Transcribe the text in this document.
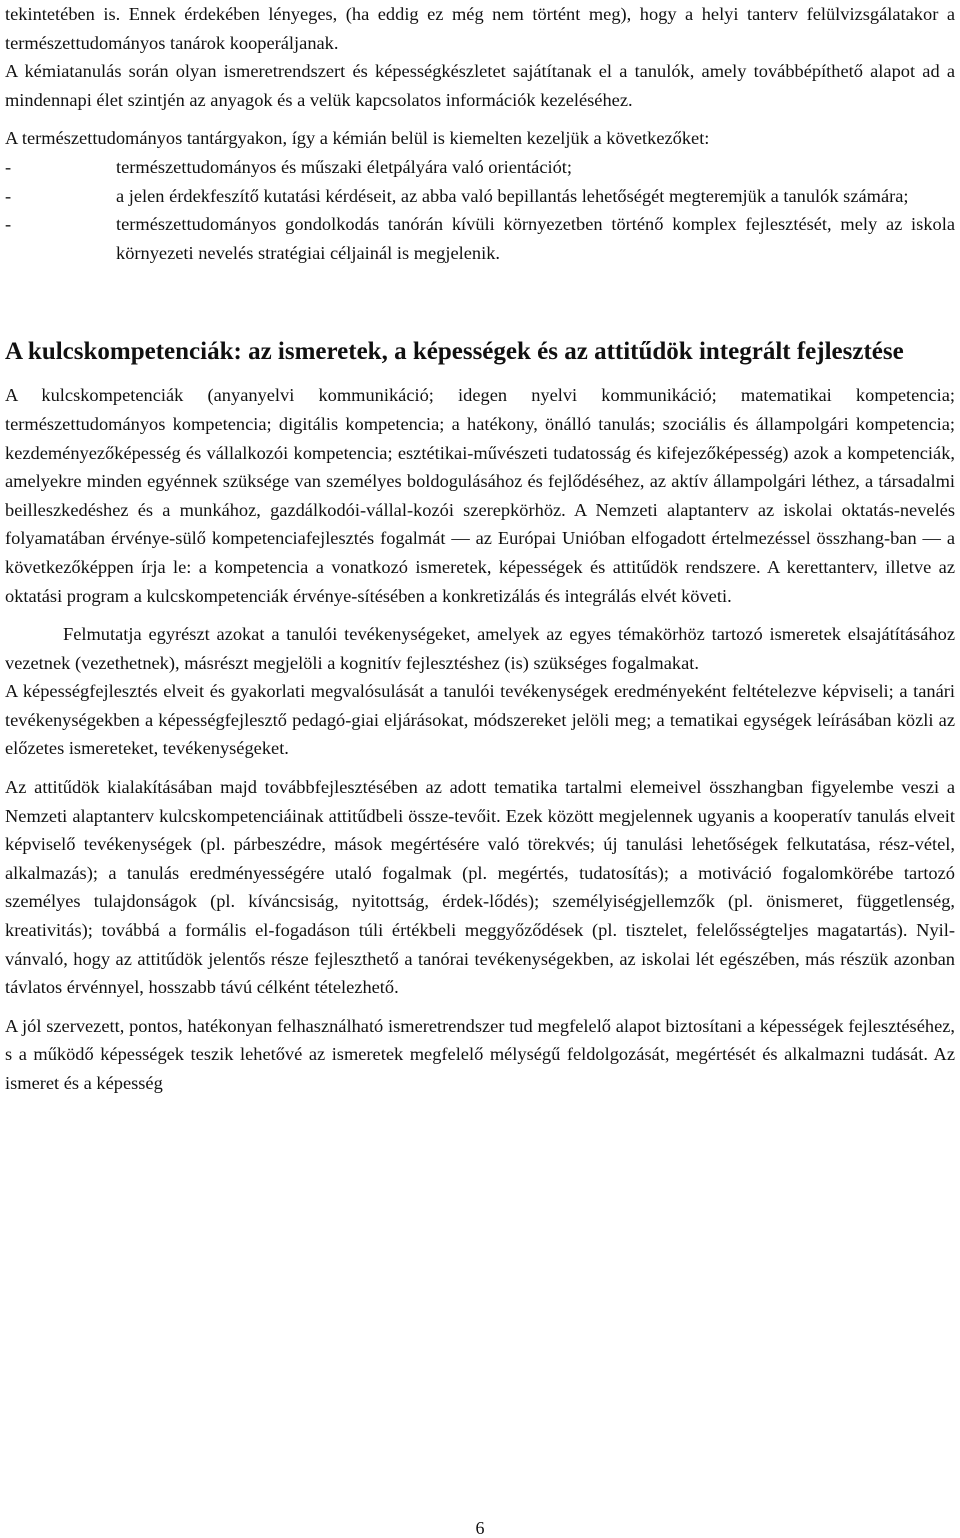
tekintetében is. Ennek érdekében lényeges, (ha eddig ez még nem történt meg), hogy a helyi tanterv felülvizsgálatakor a természettudományos tanárok kooperáljanak.

A kémiatanulás során olyan ismeretrendszert és képességkészletet sajátítanak el a tanulók, amely továbbépíthető alapot ad a mindennapi élet szintjén az anyagok és a velük kapcsolatos információk kezeléséhez.

A természettudományos tantárgyakon, így a kémián belül is kiemelten kezeljük a következőket:

- természettudományos és műszaki életpályára való orientációt;
- a jelen érdekfeszítő kutatási kérdéseit, az abba való bepillantás lehetőségét megteremjük a tanulók számára;
- természettudományos gondolkodás tanórán kívüli környezetben történő komplex fejlesztését, mely az iskola környezeti nevelés stratégiai céljainál is megjelenik.
A kulcskompetenciák: az ismeretek, a képességek és az attitűdök integrált fejlesztése

A kulcskompetenciák (anyanyelvi kommunikáció; idegen nyelvi kommunikáció; matematikai kompetencia; természettudományos kompetencia; digitális kompetencia; a hatékony, önálló tanulás; szociális és állampolgári kompetencia; kezdeményezőképesség és vállalkozói kompetencia; esztétikai-művészeti tudatosság és kifejezőképesség) azok a kompetenciák, amelyekre minden egyénnek szüksége van személyes boldogulásához és fejlődéséhez, az aktív állampolgári léthez, a társadalmi beilleszkedéshez és a munkához, gazdálkodói-vállal-kozói szerepkörhöz. A Nemzeti alaptanterv az iskolai oktatás-nevelés folyamatában érvénye-sülő kompetenciafejlesztés fogalmát — az Európai Unióban elfogadott értelmezéssel összhang-ban — a következőképpen írja le: a kompetencia a vonatkozó ismeretek, képességek és attitűdök rendszere. A kerettanterv, illetve az oktatási program a kulcskompetenciák érvénye-sítésében a konkretizálás és integrálás elvét követi.

Felmutatja egyrészt azokat a tanulói tevékenységeket, amelyek az egyes témakörhöz tartozó ismeretek elsajátításához vezetnek (vezethetnek), másrészt megjelöli a kognitív fejlesztéshez (is) szükséges fogalmakat.

A képességfejlesztés elveit és gyakorlati megvalósulását a tanulói tevékenységek eredményeként feltételezve képviseli; a tanári tevékenységekben a képességfejlesztő pedagó-giai eljárásokat, módszereket jelöli meg; a tematikai egységek leírásában közli az előzetes ismereteket, tevékenységeket.

Az attitűdök kialakításában majd továbbfejlesztésében az adott tematika tartalmi elemeivel összhangban figyelembe veszi a Nemzeti alaptanterv kulcskompetenciáinak attitűdbeli össze-tevőit. Ezek között megjelennek ugyanis a kooperatív tanulás elveit képviselő tevékenységek (pl. párbeszédre, mások megértésére való törekvés; új tanulási lehetőségek felkutatása, rész-vétel, alkalmazás); a tanulás eredményességére utaló fogalmak (pl. megértés, tudatosítás); a motiváció fogalomkörébe tartozó személyes tulajdonságok (pl. kíváncsiság, nyitottság, érdek-lődés); személyiségjellemzők (pl. önismeret, függetlenség, kreativitás); továbbá a formális el-fogadáson túli értékbeli meggyőződések (pl. tisztelet, felelősségteljes magatartás). Nyil-vánvaló, hogy az attitűdök jelentős része fejleszthető a tanórai tevékenységekben, az iskolai lét egészében, más részük azonban távlatos érvénnyel, hosszabb távú célként tételezhető.

A jól szervezett, pontos, hatékonyan felhasználható ismeretrendszer tud megfelelő alapot biztosítani a képességek fejlesztéséhez, s a működő képességek teszik lehetővé az ismeretek megfelelő mélységű feldolgozását, megértését és alkalmazni tudását. Az ismeret és a képesség

6
